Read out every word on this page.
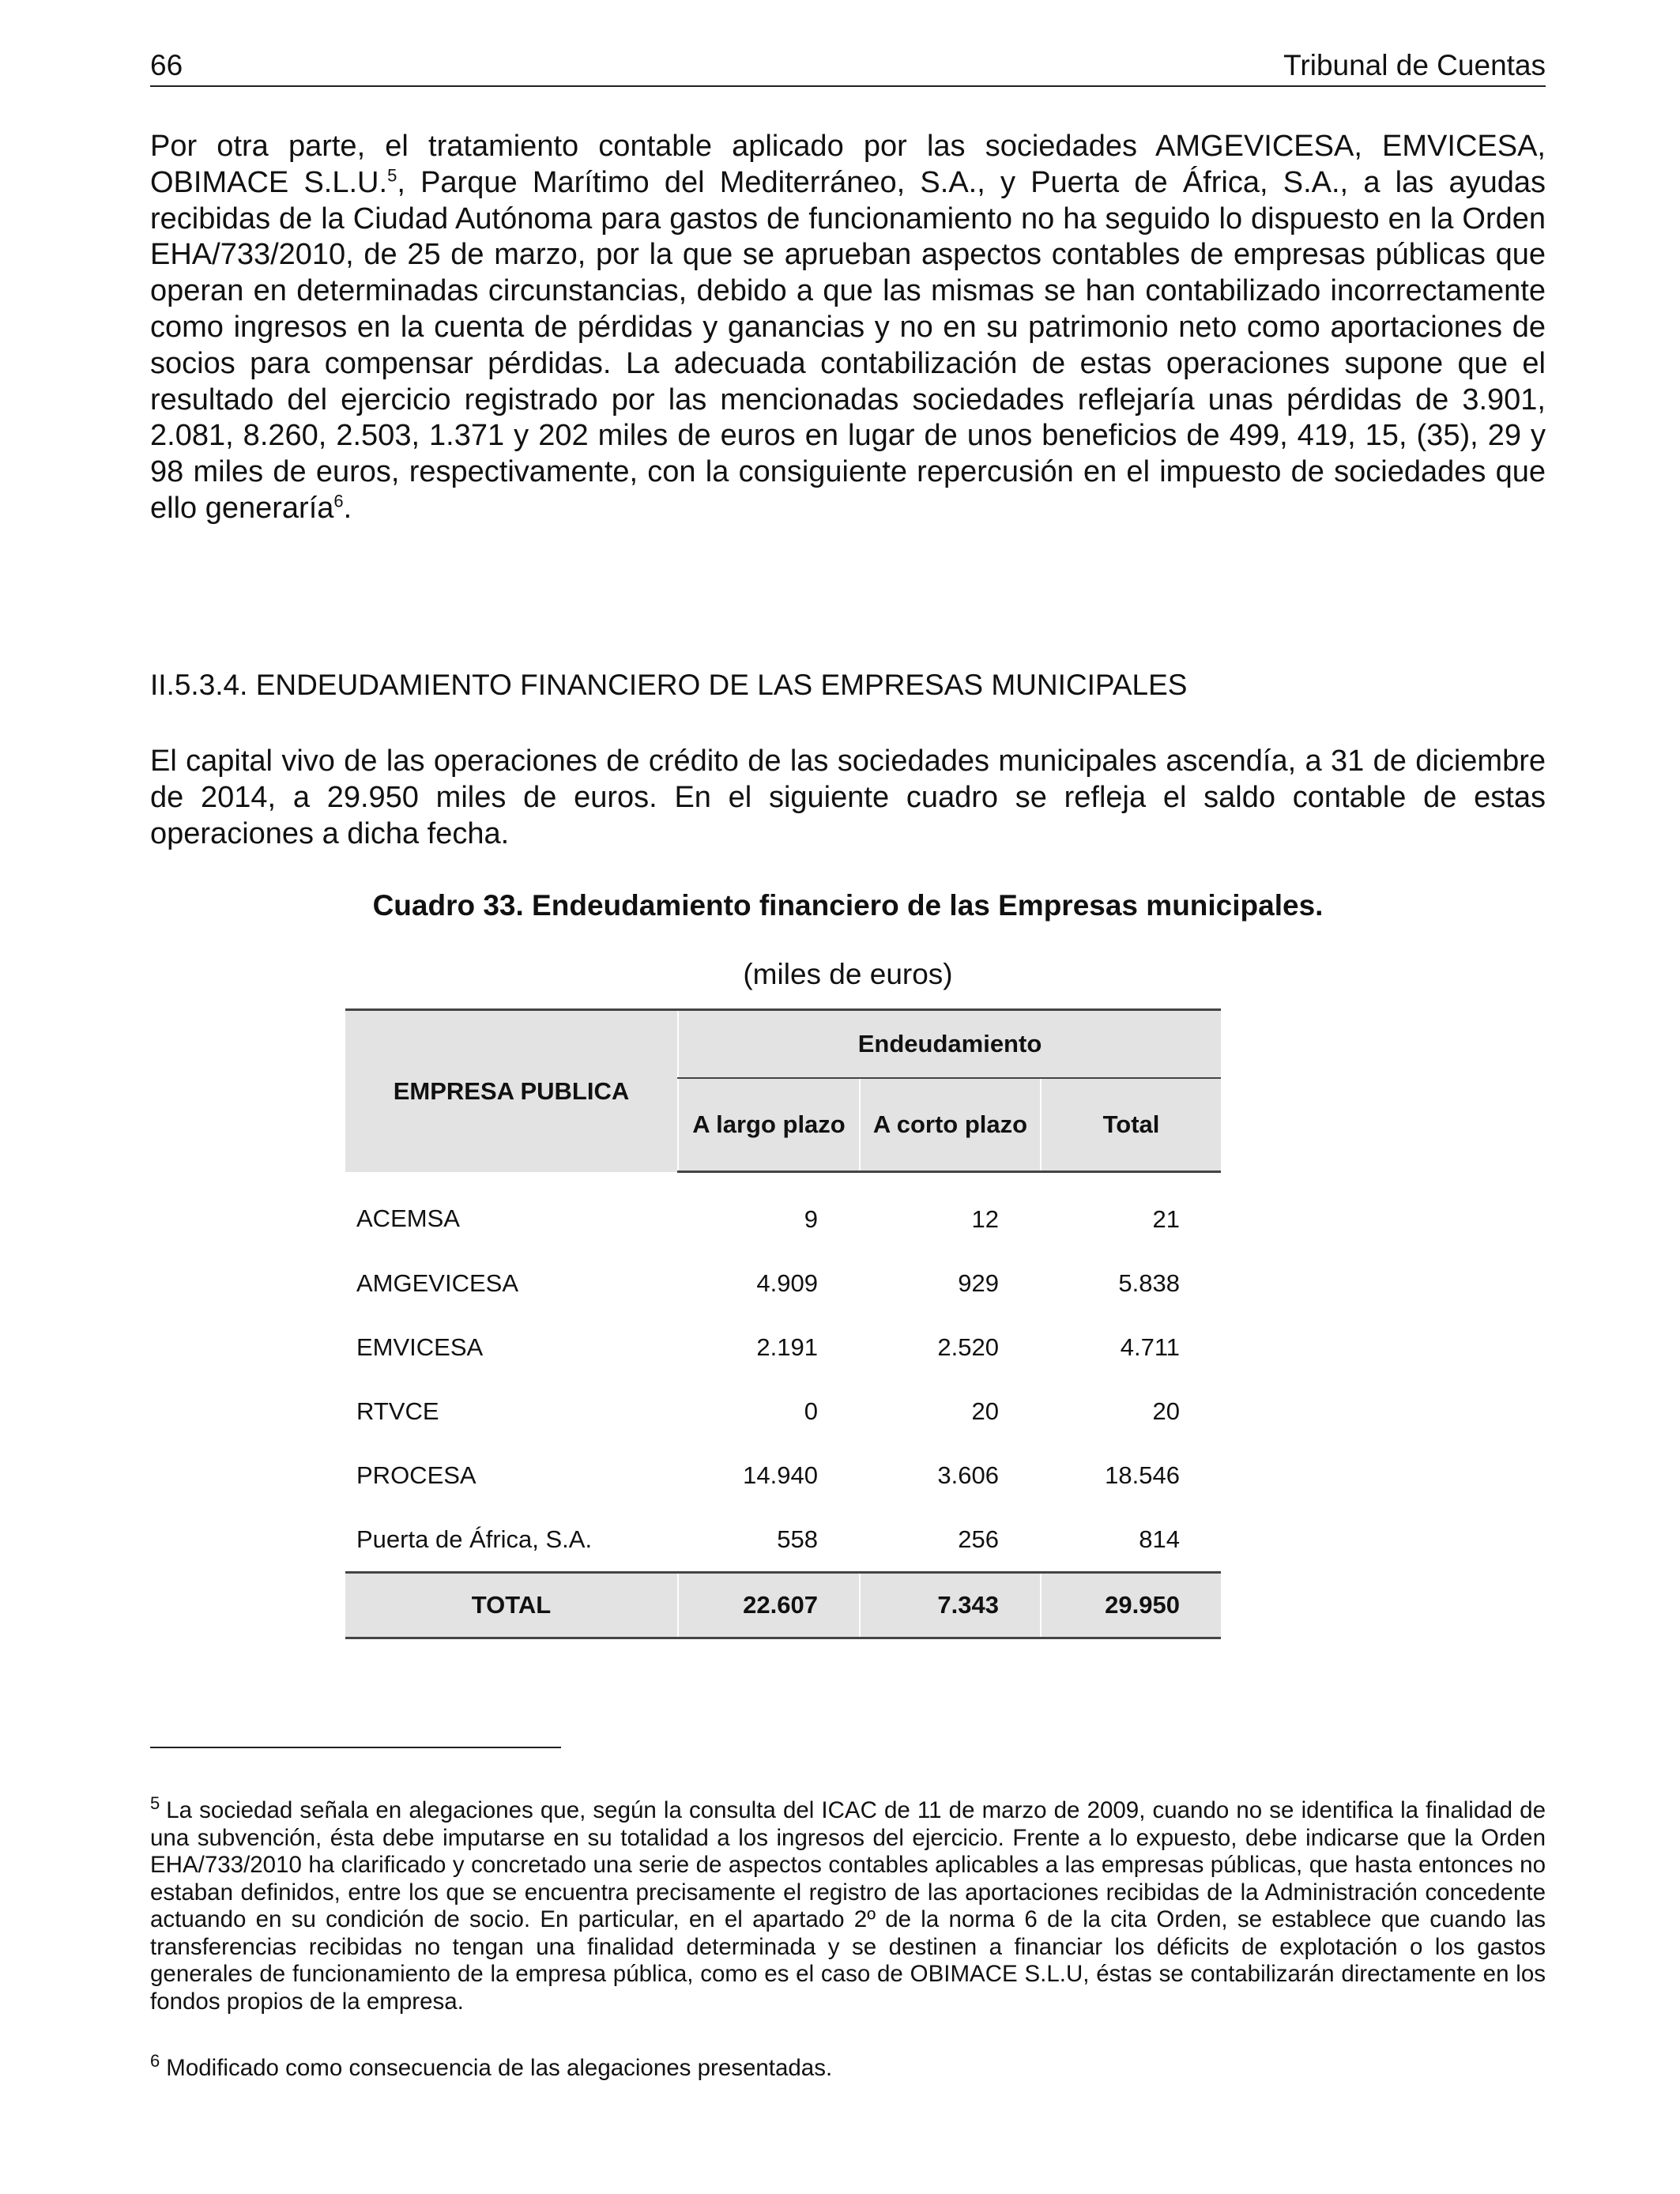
66	Tribunal de Cuentas

Por otra parte, el tratamiento contable aplicado por las sociedades AMGEVICESA, EMVICESA, OBIMACE S.L.U.$^5$, Parque Marítimo del Mediterráneo, S.A., y Puerta de África, S.A., a las ayudas recibidas de la Ciudad Autónoma para gastos de funcionamiento no ha seguido lo dispuesto en la Orden EHA/733/2010, de 25 de marzo, por la que se aprueban aspectos contables de empresas públicas que operan en determinadas circunstancias, debido a que las mismas se han contabilizado incorrectamente como ingresos en la cuenta de pérdidas y ganancias y no en su patrimonio neto como aportaciones de socios para compensar pérdidas. La adecuada contabilización de estas operaciones supone que el resultado del ejercicio registrado por las mencionadas sociedades reflejaría unas pérdidas de 3.901, 2.081, 8.260, 2.503, 1.371 y 202 miles de euros en lugar de unos beneficios de 499, 419, 15, (35), 29 y 98 miles de euros, respectivamente, con la consiguiente repercusión en el impuesto de sociedades que ello generaría$^6$.

II.5.3.4. ENDEUDAMIENTO FINANCIERO DE LAS EMPRESAS MUNICIPALES

El capital vivo de las operaciones de crédito de las sociedades municipales ascendía, a 31 de diciembre de 2014, a 29.950 miles de euros. En el siguiente cuadro se refleja el saldo contable de estas operaciones a dicha fecha.

Cuadro 33. Endeudamiento financiero de las Empresas municipales.
(miles de euros)
EMPRESA PUBLICA	Endeudamiento		
	A largo plazo	A corto plazo	Total
ACEMSA	9	12	21
AMGEVICESA	4.909	929	5.838
EMVICESA	2.191	2.520	4.711
RTVCE	0	20	20
PROCESA	14.940	3.606	18.546
Puerta de África, S.A.	558	256	814
TOTAL	22.607	7.343	29.950

$^5$ La sociedad señala en alegaciones que, según la consulta del ICAC de 11 de marzo de 2009, cuando no se identifica la finalidad de una subvención, ésta debe imputarse en su totalidad a los ingresos del ejercicio. Frente a lo expuesto, debe indicarse que la Orden EHA/733/2010 ha clarificado y concretado una serie de aspectos contables aplicables a las empresas públicas, que hasta entonces no estaban definidos, entre los que se encuentra precisamente el registro de las aportaciones recibidas de la Administración concedente actuando en su condición de socio. En particular, en el apartado 2º de la norma 6 de la cita Orden, se establece que cuando las transferencias recibidas no tengan una finalidad determinada y se destinen a financiar los déficits de explotación o los gastos generales de funcionamiento de la empresa pública, como es el caso de OBIMACE S.L.U, éstas se contabilizarán directamente en los fondos propios de la empresa.

$^6$ Modificado como consecuencia de las alegaciones presentadas.
